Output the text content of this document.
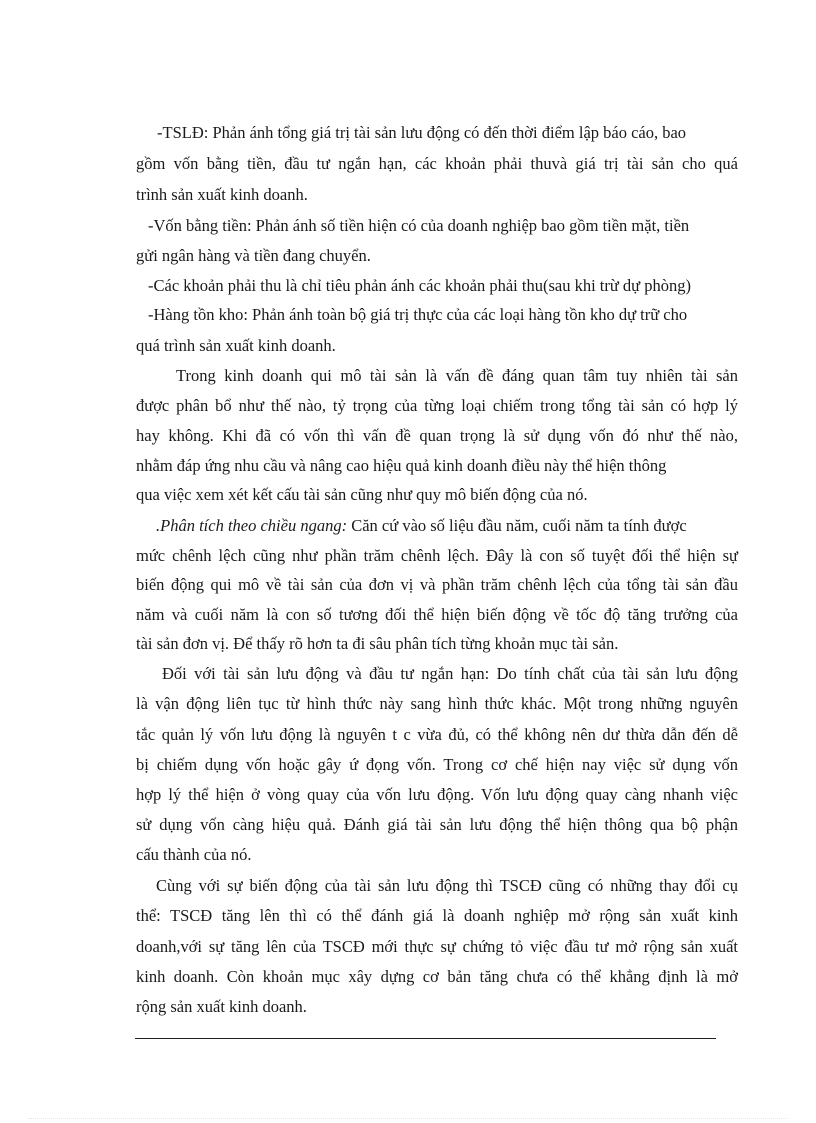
-TSLĐ: Phản ánh tổng giá trị tài sản lưu động có đến thời điểm lập báo cáo, bao

gồm vốn bằng tiền, đầu tư ngắn hạn, các khoản phải thuvà giá trị tài sản cho quá

trình sản xuất kinh doanh.

-Vốn bằng tiền: Phản ánh số tiền hiện có của doanh nghiệp bao gồm tiền mặt, tiền

gửi ngân hàng và tiền đang chuyển.

-Các khoản phải thu là chỉ tiêu phản ánh các khoản phải thu(sau khi trừ dự phòng)

-Hàng tồn kho: Phản ánh toàn bộ giá trị thực của các loại hàng tồn kho dự trữ cho

quá trình sản xuất kinh doanh.

Trong kinh doanh qui mô tài sản là vấn đề đáng quan tâm tuy nhiên tài sản

được phân bổ như thế nào, tỷ trọng của từng loại chiếm trong tổng tài sản có hợp lý

hay không. Khi đã có vốn thì vấn đề quan trọng là sử dụng vốn đó như thế nào,

nhằm đáp ứng nhu cầu và nâng cao hiệu quả kinh doanh điều này thể hiện thông

qua việc xem xét kết cấu tài sản cũng như quy mô biến động của nó.

.Phân tích theo chiều ngang: Căn cứ vào số liệu đầu năm, cuối năm ta tính được

mức chênh lệch cũng như phần trăm chênh lệch. Đây là con số tuyệt đối thể hiện sự

biến động qui mô về tài sản của đơn vị và phần trăm chênh lệch của tổng tài sản đầu

năm và cuối năm là con số tương đối thể hiện biến động về tốc độ tăng trưởng của

tài sản đơn vị. Để thấy rõ hơn ta đi sâu phân tích từng khoản mục tài sản.

Đối với tài sản lưu động và đầu tư ngắn hạn: Do tính chất của tài sản lưu động

là vận động liên tục từ hình thức này sang hình thức khác. Một trong những nguyên

tắc quản lý vốn lưu động là nguyên t c vừa đủ, có thể không nên dư thừa dẫn đến dễ

bị chiếm dụng vốn hoặc gây ứ đọng vốn. Trong cơ chế hiện nay việc sử dụng vốn

hợp lý thể hiện ở vòng quay của vốn lưu động. Vốn lưu động quay càng nhanh việc

sử dụng vốn càng hiệu quả. Đánh giá tài sản lưu động thể hiện thông qua bộ phận

cấu thành của nó.

Cùng với sự biến động của tài sản lưu động thì TSCĐ cũng có những thay đổi cụ

thể: TSCĐ tăng lên thì có thể đánh giá là doanh nghiệp mở rộng sản xuất kinh

doanh,với sự tăng lên của TSCĐ mới thực sự chứng tỏ việc đầu tư mở rộng sản xuất

kinh doanh. Còn khoản mục xây dựng cơ bản tăng chưa có thể khẳng định là mở

rộng sản xuất kinh doanh.
